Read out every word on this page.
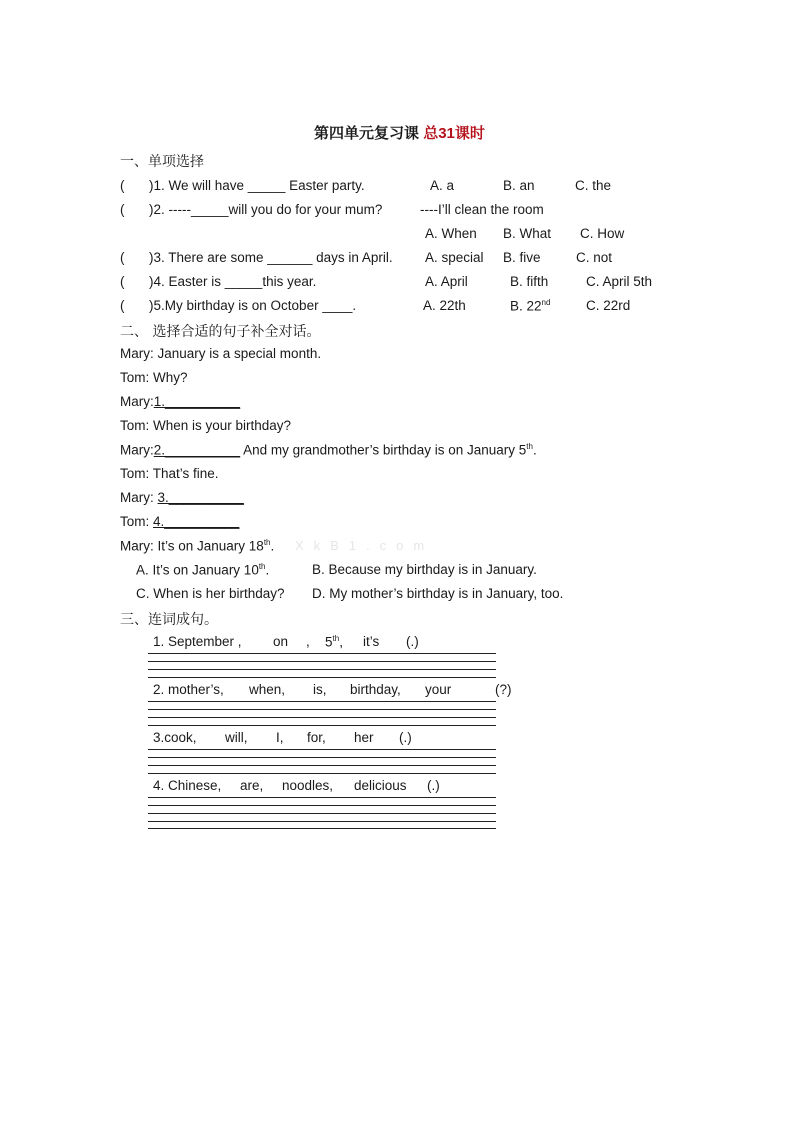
第四单元复习课 总31课时
一、单项选择
( )1. We will have _____ Easter party.	A. a	B. an	C. the
( )2. -----_____will you do for your mum?	----I’ll clean the room
A. When B. What C. How
( )3. There are some ______ days in April. A. special B. five	C. not
( )4. Easter is _____this year.	A. April	B. fifth	C. April 5th
( )5.My birthday is on October ____.	A. 22th	B. 22nd	C. 22rd
二、 选择合适的句子补全对话。
Mary: January is a special month.
Tom: Why?
Mary:1.__________
Tom: When is your birthday?
Mary:2.__________ And my grandmother’s birthday is on January 5th.
Tom: That’s fine.
Mary: 3.__________
Tom: 4.__________
Mary: It’s on January 18th. XkB1.com
A. It’s on January 10th.	B. Because my birthday is in January.
C. When is her birthday? D. My mother’s birthday is in January, too.
三、连词成句。
1. September , on , 5th, it’s (.)
2. mother’s, when, is, birthday, your	(?)
3.cook, will, I, for, her (.)
4. Chinese, are, noodles, delicious (.)
